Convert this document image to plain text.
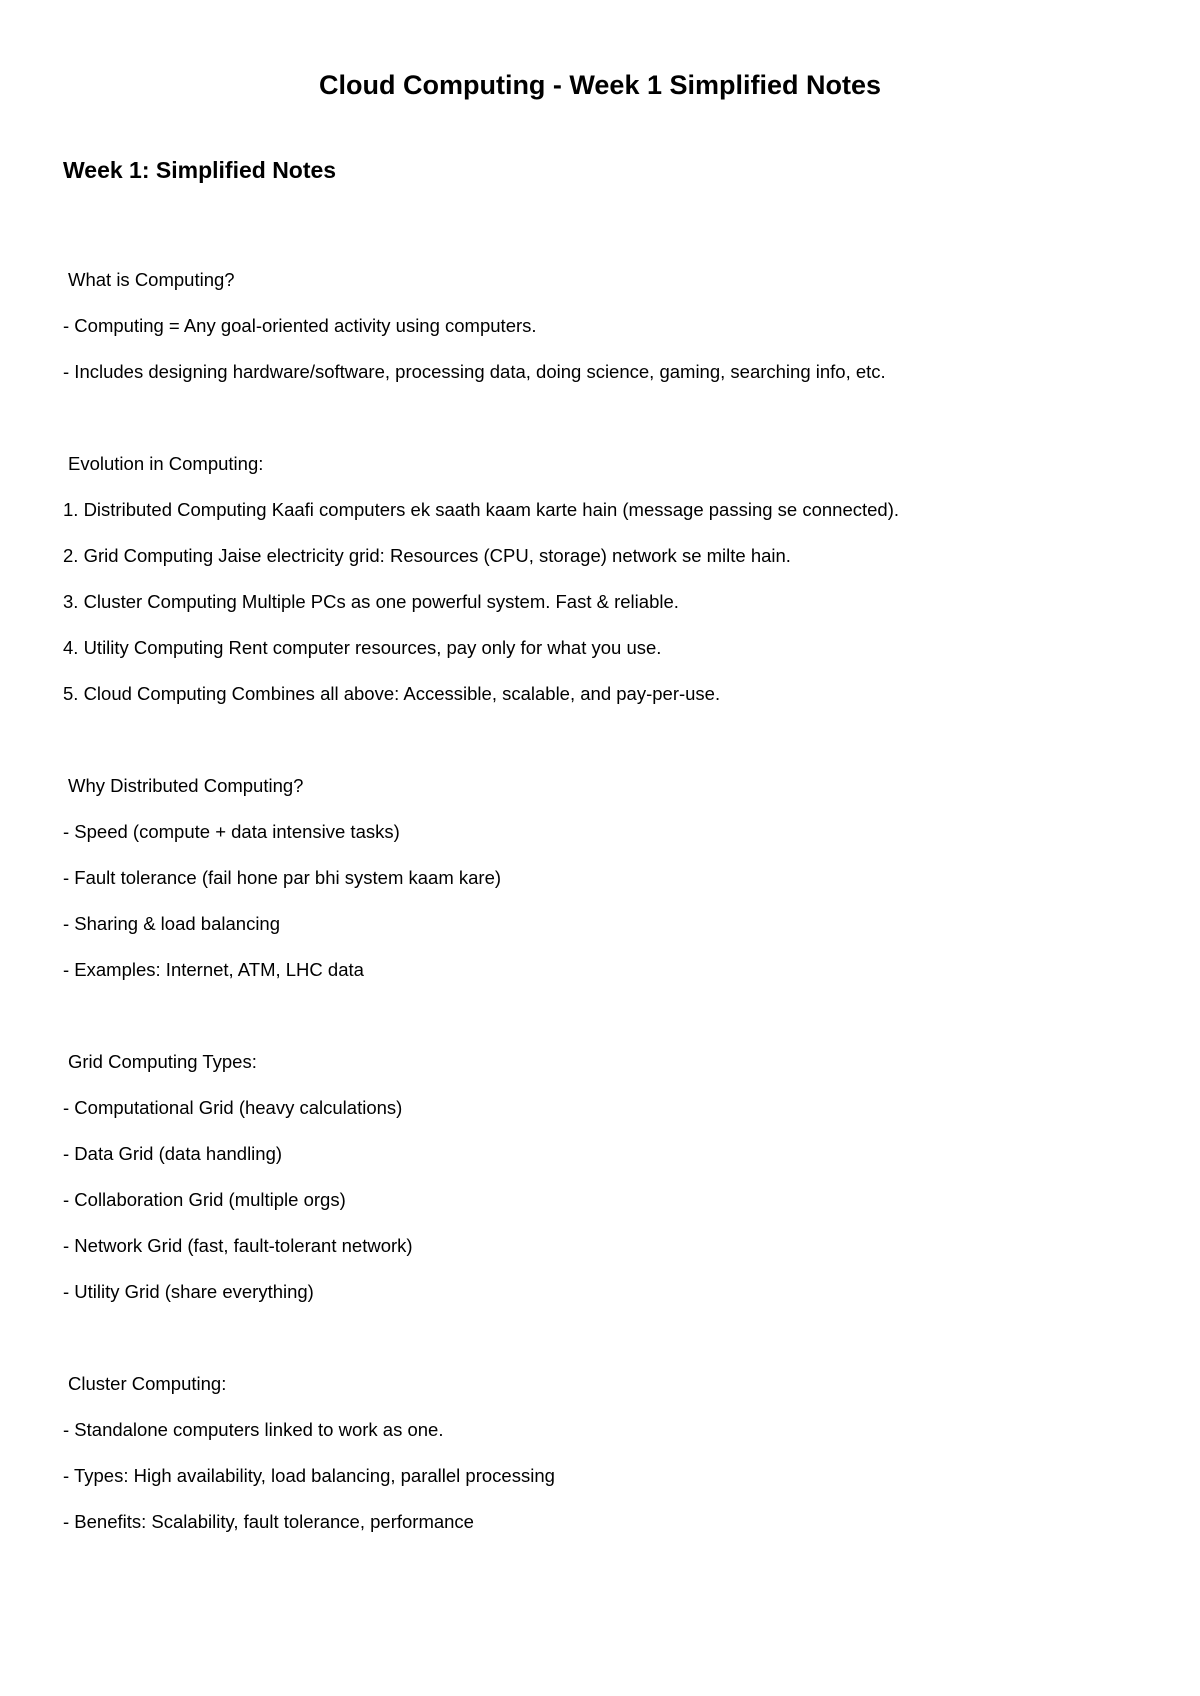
Cloud Computing - Week 1 Simplified Notes
Week 1: Simplified Notes
What is Computing?
- Computing = Any goal-oriented activity using computers.
- Includes designing hardware/software, processing data, doing science, gaming, searching info, etc.
Evolution in Computing:
1. Distributed Computing Kaafi computers ek saath kaam karte hain (message passing se connected).
2. Grid Computing Jaise electricity grid: Resources (CPU, storage) network se milte hain.
3. Cluster Computing Multiple PCs as one powerful system. Fast & reliable.
4. Utility Computing Rent computer resources, pay only for what you use.
5. Cloud Computing Combines all above: Accessible, scalable, and pay-per-use.
Why Distributed Computing?
- Speed (compute + data intensive tasks)
- Fault tolerance (fail hone par bhi system kaam kare)
- Sharing & load balancing
- Examples: Internet, ATM, LHC data
Grid Computing Types:
- Computational Grid (heavy calculations)
- Data Grid (data handling)
- Collaboration Grid (multiple orgs)
- Network Grid (fast, fault-tolerant network)
- Utility Grid (share everything)
Cluster Computing:
- Standalone computers linked to work as one.
- Types: High availability, load balancing, parallel processing
- Benefits: Scalability, fault tolerance, performance
